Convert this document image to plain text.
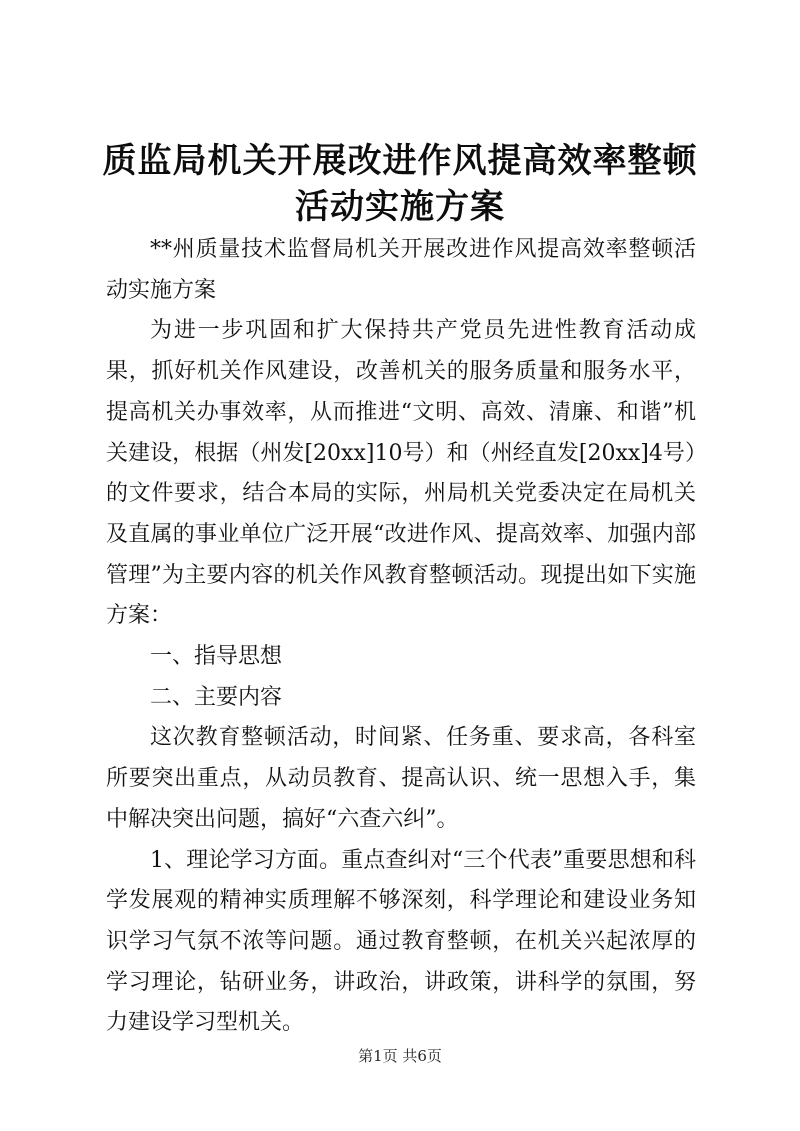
质监局机关开展改进作风提高效率整顿活动实施方案

**州质量技术监督局机关开展改进作风提高效率整顿活动实施方案

为进一步巩固和扩大保持共产党员先进性教育活动成果，抓好机关作风建设，改善机关的服务质量和服务水平，提高机关办事效率，从而推进“文明、高效、清廉、和谐”机关建设，根据（州发[20xx]10号）和（州经直发[20xx]4号）的文件要求，结合本局的实际，州局机关党委决定在局机关及直属的事业单位广泛开展“改进作风、提高效率、加强内部管理”为主要内容的机关作风教育整顿活动。现提出如下实施方案：

一、指导思想

二、主要内容

这次教育整顿活动，时间紧、任务重、要求高，各科室所要突出重点，从动员教育、提高认识、统一思想入手，集中解决突出问题，搞好“六查六纠”。

1、理论学习方面。重点查纠对“三个代表”重要思想和科学发展观的精神实质理解不够深刻，科学理论和建设业务知识学习气氛不浓等问题。通过教育整顿，在机关兴起浓厚的学习理论，钻研业务，讲政治，讲政策，讲科学的氛围，努力建设学习型机关。

第1页 共6页
